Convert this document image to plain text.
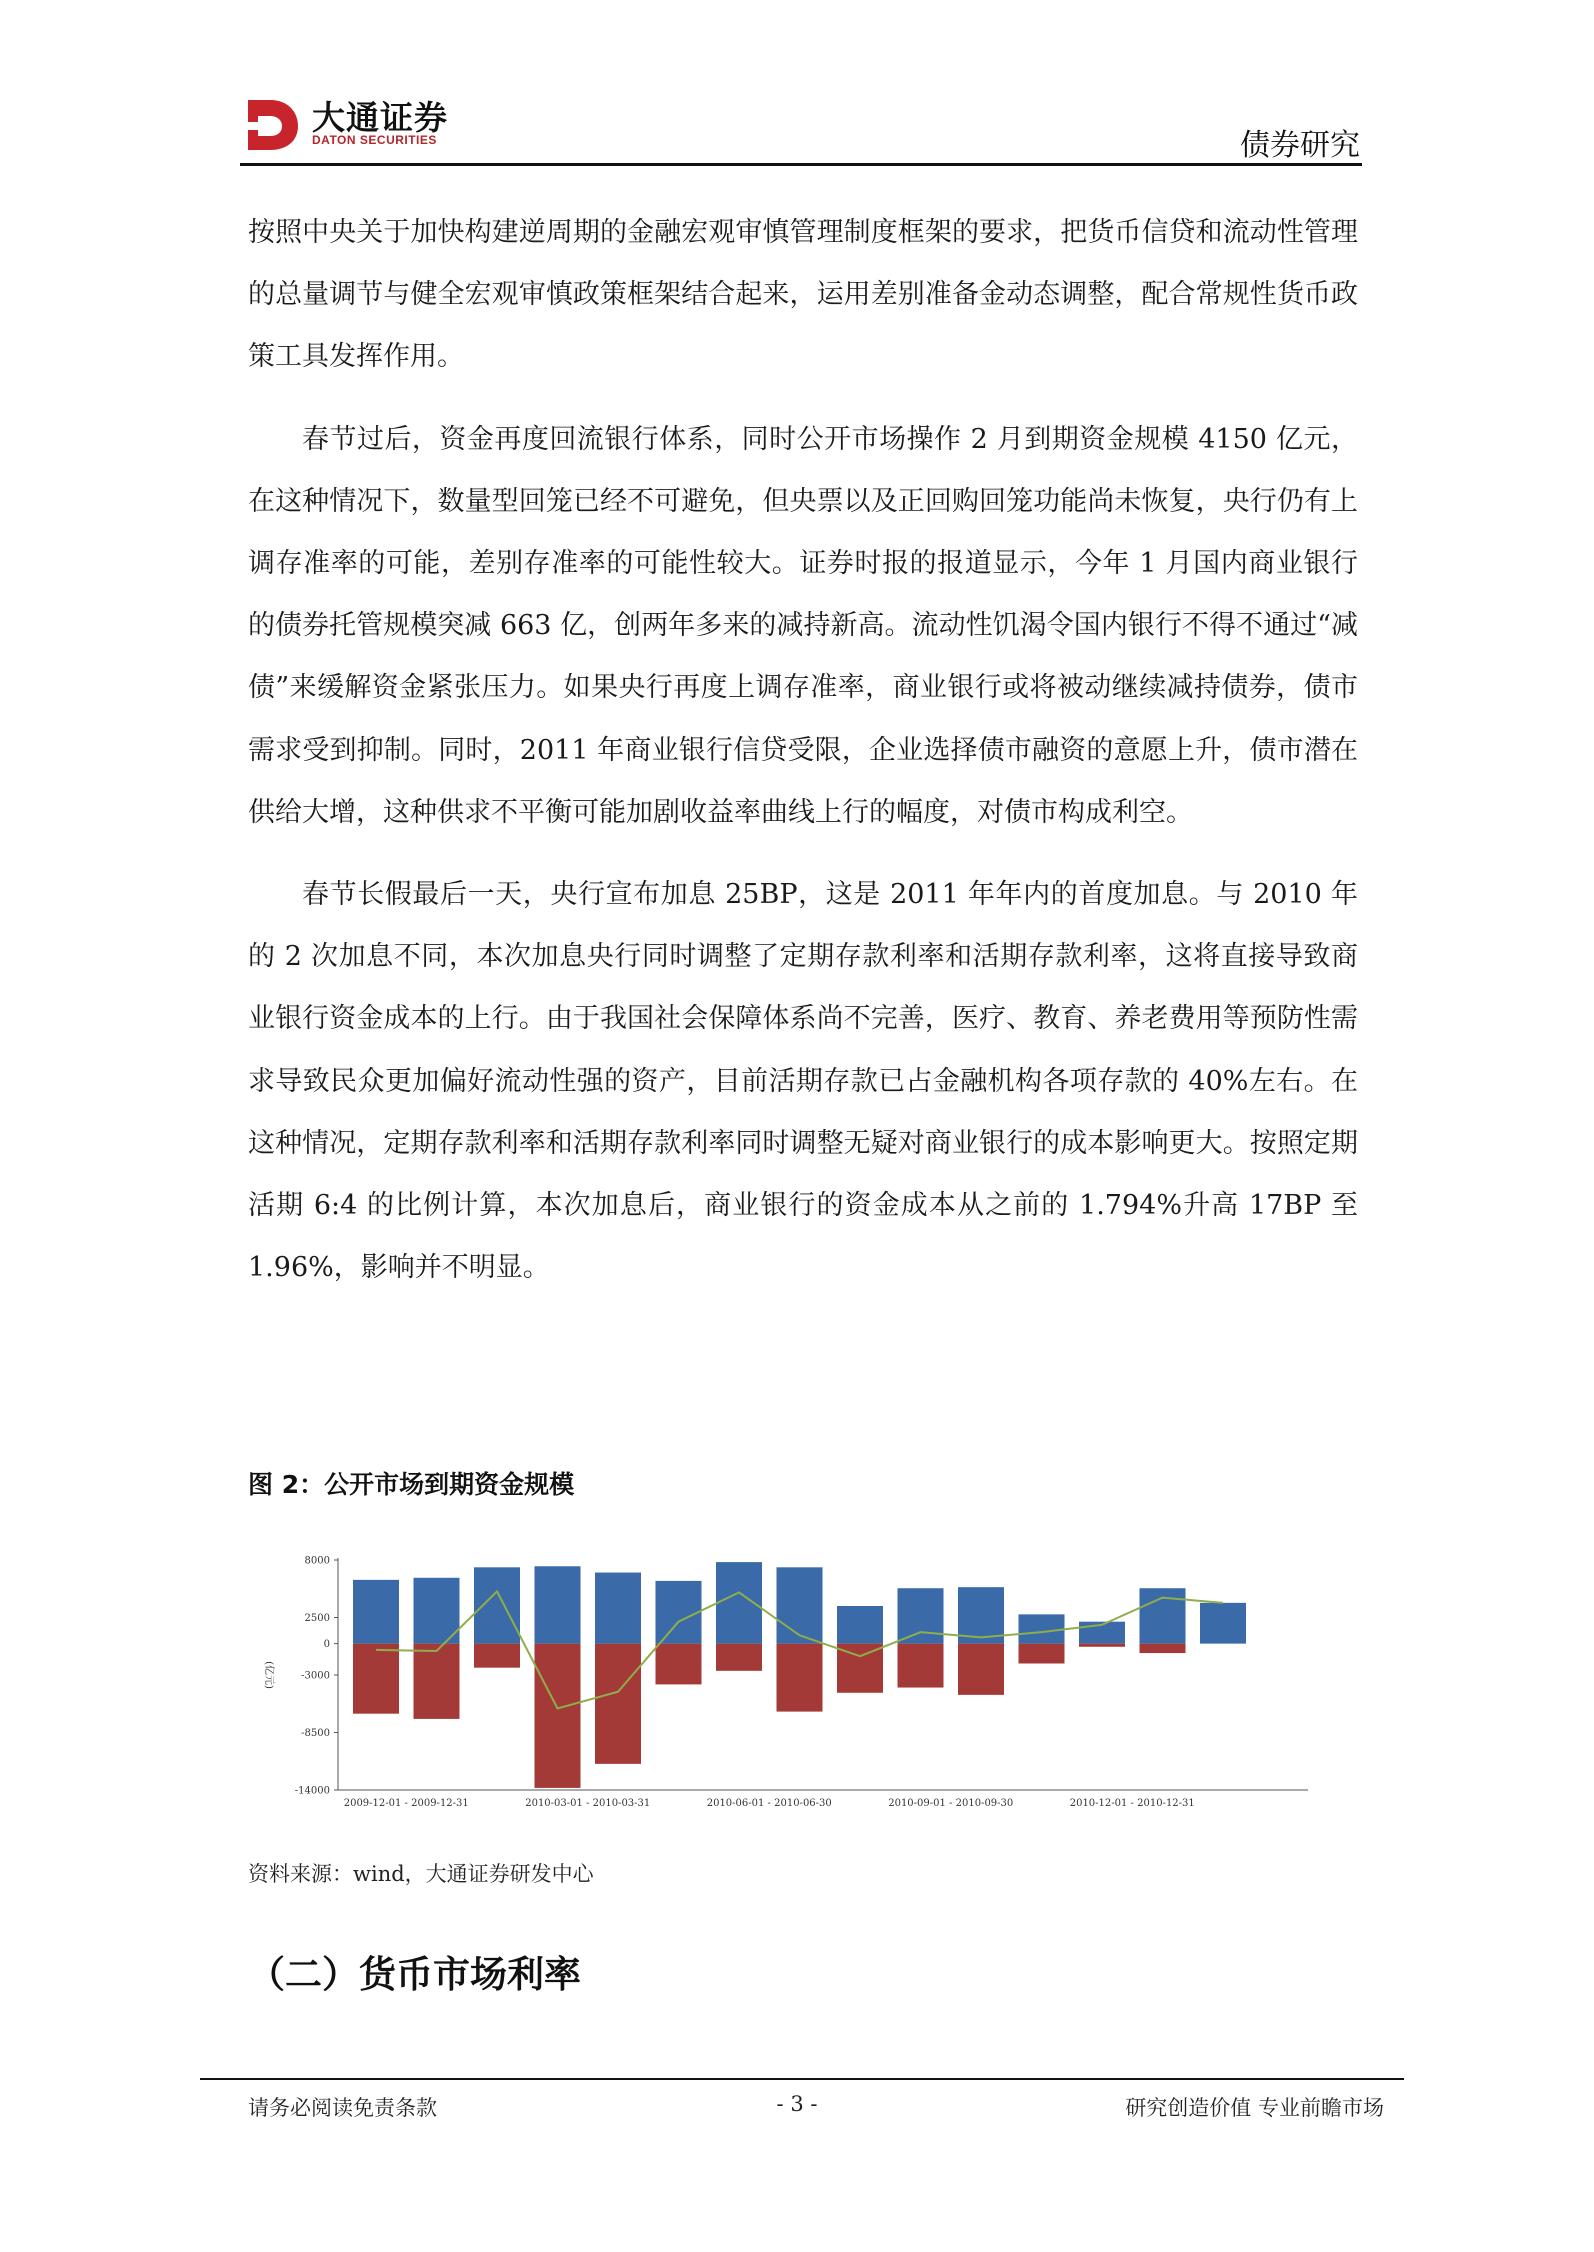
大通证券
DATON SECURITIES	债券研究

按照中央关于加快构建逆周期的金融宏观审慎管理制度框架的要求，把货币信贷和流动性管理的总量调节与健全宏观审慎政策框架结合起来，运用差别准备金动态调整，配合常规性货币政策工具发挥作用。

春节过后，资金再度回流银行体系，同时公开市场操作 2 月到期资金规模 4150 亿元，在这种情况下，数量型回笼已经不可避免，但央票以及正回购回笼功能尚未恢复，央行仍有上调存准率的可能，差别存准率的可能性较大。证券时报的报道显示，今年 1 月国内商业银行的债券托管规模突减 663 亿，创两年多来的减持新高。流动性饥渴令国内银行不得不通过“减债”来缓解资金紧张压力。如果央行再度上调存准率，商业银行或将被动继续减持债券，债市需求受到抑制。同时，2011 年商业银行信贷受限，企业选择债市融资的意愿上升，债市潜在供给大增，这种供求不平衡可能加剧收益率曲线上行的幅度，对债市构成利空。

春节长假最后一天，央行宣布加息 25BP，这是 2011 年年内的首度加息。与 2010 年的 2 次加息不同，本次加息央行同时调整了定期存款利率和活期存款利率，这将直接导致商业银行资金成本的上行。由于我国社会保障体系尚不完善，医疗、教育、养老费用等预防性需求导致民众更加偏好流动性强的资产，目前活期存款已占金融机构各项存款的 40%左右。在这种情况，定期存款利率和活期存款利率同时调整无疑对商业银行的成本影响更大。按照定期活期 6:4 的比例计算，本次加息后，商业银行的资金成本从之前的 1.794%升高 17BP 至 1.96%，影响并不明显。

图 2：公开市场到期资金规模
8000
2500
0
-3000
-8500
-14000
(亿元)
2009-12-01 - 2009-12-31	2010-03-01 - 2010-03-31	2010-06-01 - 2010-06-30	2010-09-01 - 2010-09-30	2010-12-01 - 2010-12-31
资料来源：wind，大通证券研发中心
（二）货币市场利率
请务必阅读免责条款	- 3 -	研究创造价值 专业前瞻市场
